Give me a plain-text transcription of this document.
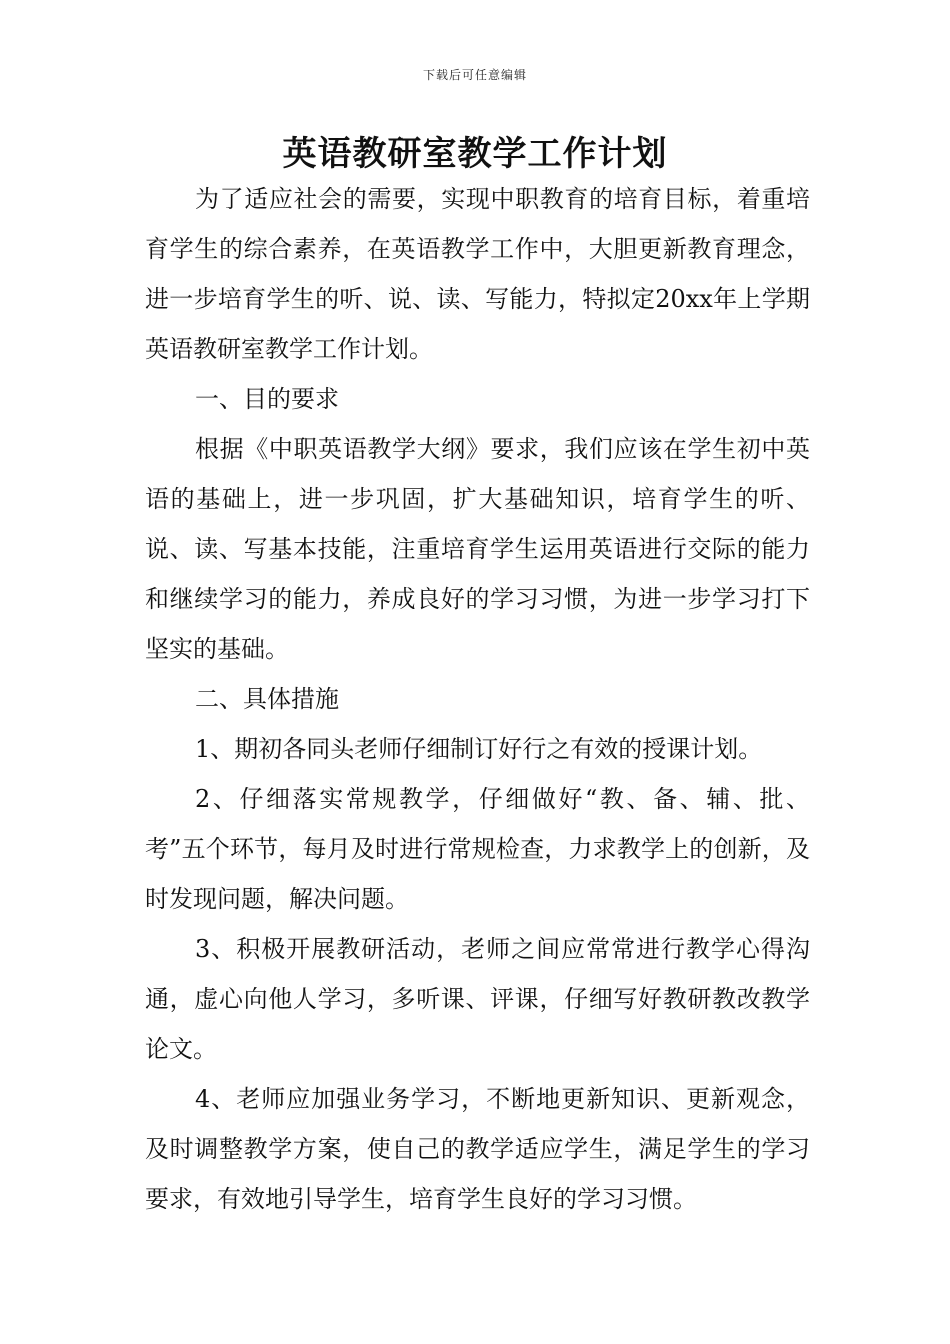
下载后可任意编辑
英语教研室教学工作计划

为了适应社会的需要，实现中职教育的培育目标，着重培育学生的综合素养，在英语教学工作中，大胆更新教育理念，进一步培育学生的听、说、读、写能力，特拟定20xx年上学期英语教研室教学工作计划。

一、目的要求

根据《中职英语教学大纲》要求，我们应该在学生初中英语的基础上，进一步巩固，扩大基础知识，培育学生的听、说、读、写基本技能，注重培育学生运用英语进行交际的能力和继续学习的能力，养成良好的学习习惯，为进一步学习打下坚实的基础。

二、具体措施

1、期初各同头老师仔细制订好行之有效的授课计划。

2、仔细落实常规教学，仔细做好“教、备、辅、批、考”五个环节，每月及时进行常规检查，力求教学上的创新，及时发现问题，解决问题。

3、积极开展教研活动，老师之间应常常进行教学心得沟通，虚心向他人学习，多听课、评课，仔细写好教研教改教学论文。

4、老师应加强业务学习，不断地更新知识、更新观念，及时调整教学方案，使自己的教学适应学生，满足学生的学习要求，有效地引导学生，培育学生良好的学习习惯。
